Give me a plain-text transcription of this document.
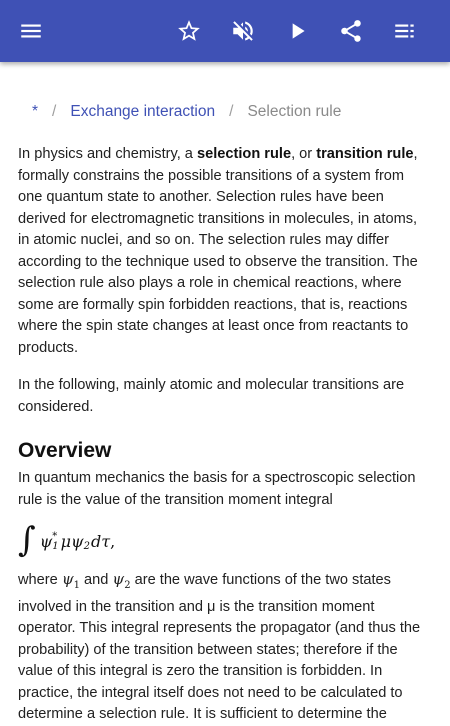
* / Exchange interaction / Selection rule

In physics and chemistry, a selection rule, or transition rule, formally constrains the possible transitions of a system from one quantum state to another. Selection rules have been derived for electromagnetic transitions in molecules, in atoms, in atomic nuclei, and so on. The selection rules may differ according to the technique used to observe the transition. The selection rule also plays a role in chemical reactions, where some are formally spin forbidden reactions, that is, reactions where the spin state changes at least once from reactants to products.

In the following, mainly atomic and molecular transitions are considered.

Overview

In quantum mechanics the basis for a spectroscopic selection rule is the value of the transition moment integral

∫ ψ *
1 μ $\psi_2$ d τ ,

where $\psi_1$ and $\psi_2$ are the wave functions of the two states involved in the transition and μ is the transition moment operator. This integral represents the propagator (and thus the probability) of the transition between states; therefore if the value of this integral is zero the transition is forbidden. In practice, the integral itself does not need to be calculated to determine a selection rule. It is sufficient to determine the
